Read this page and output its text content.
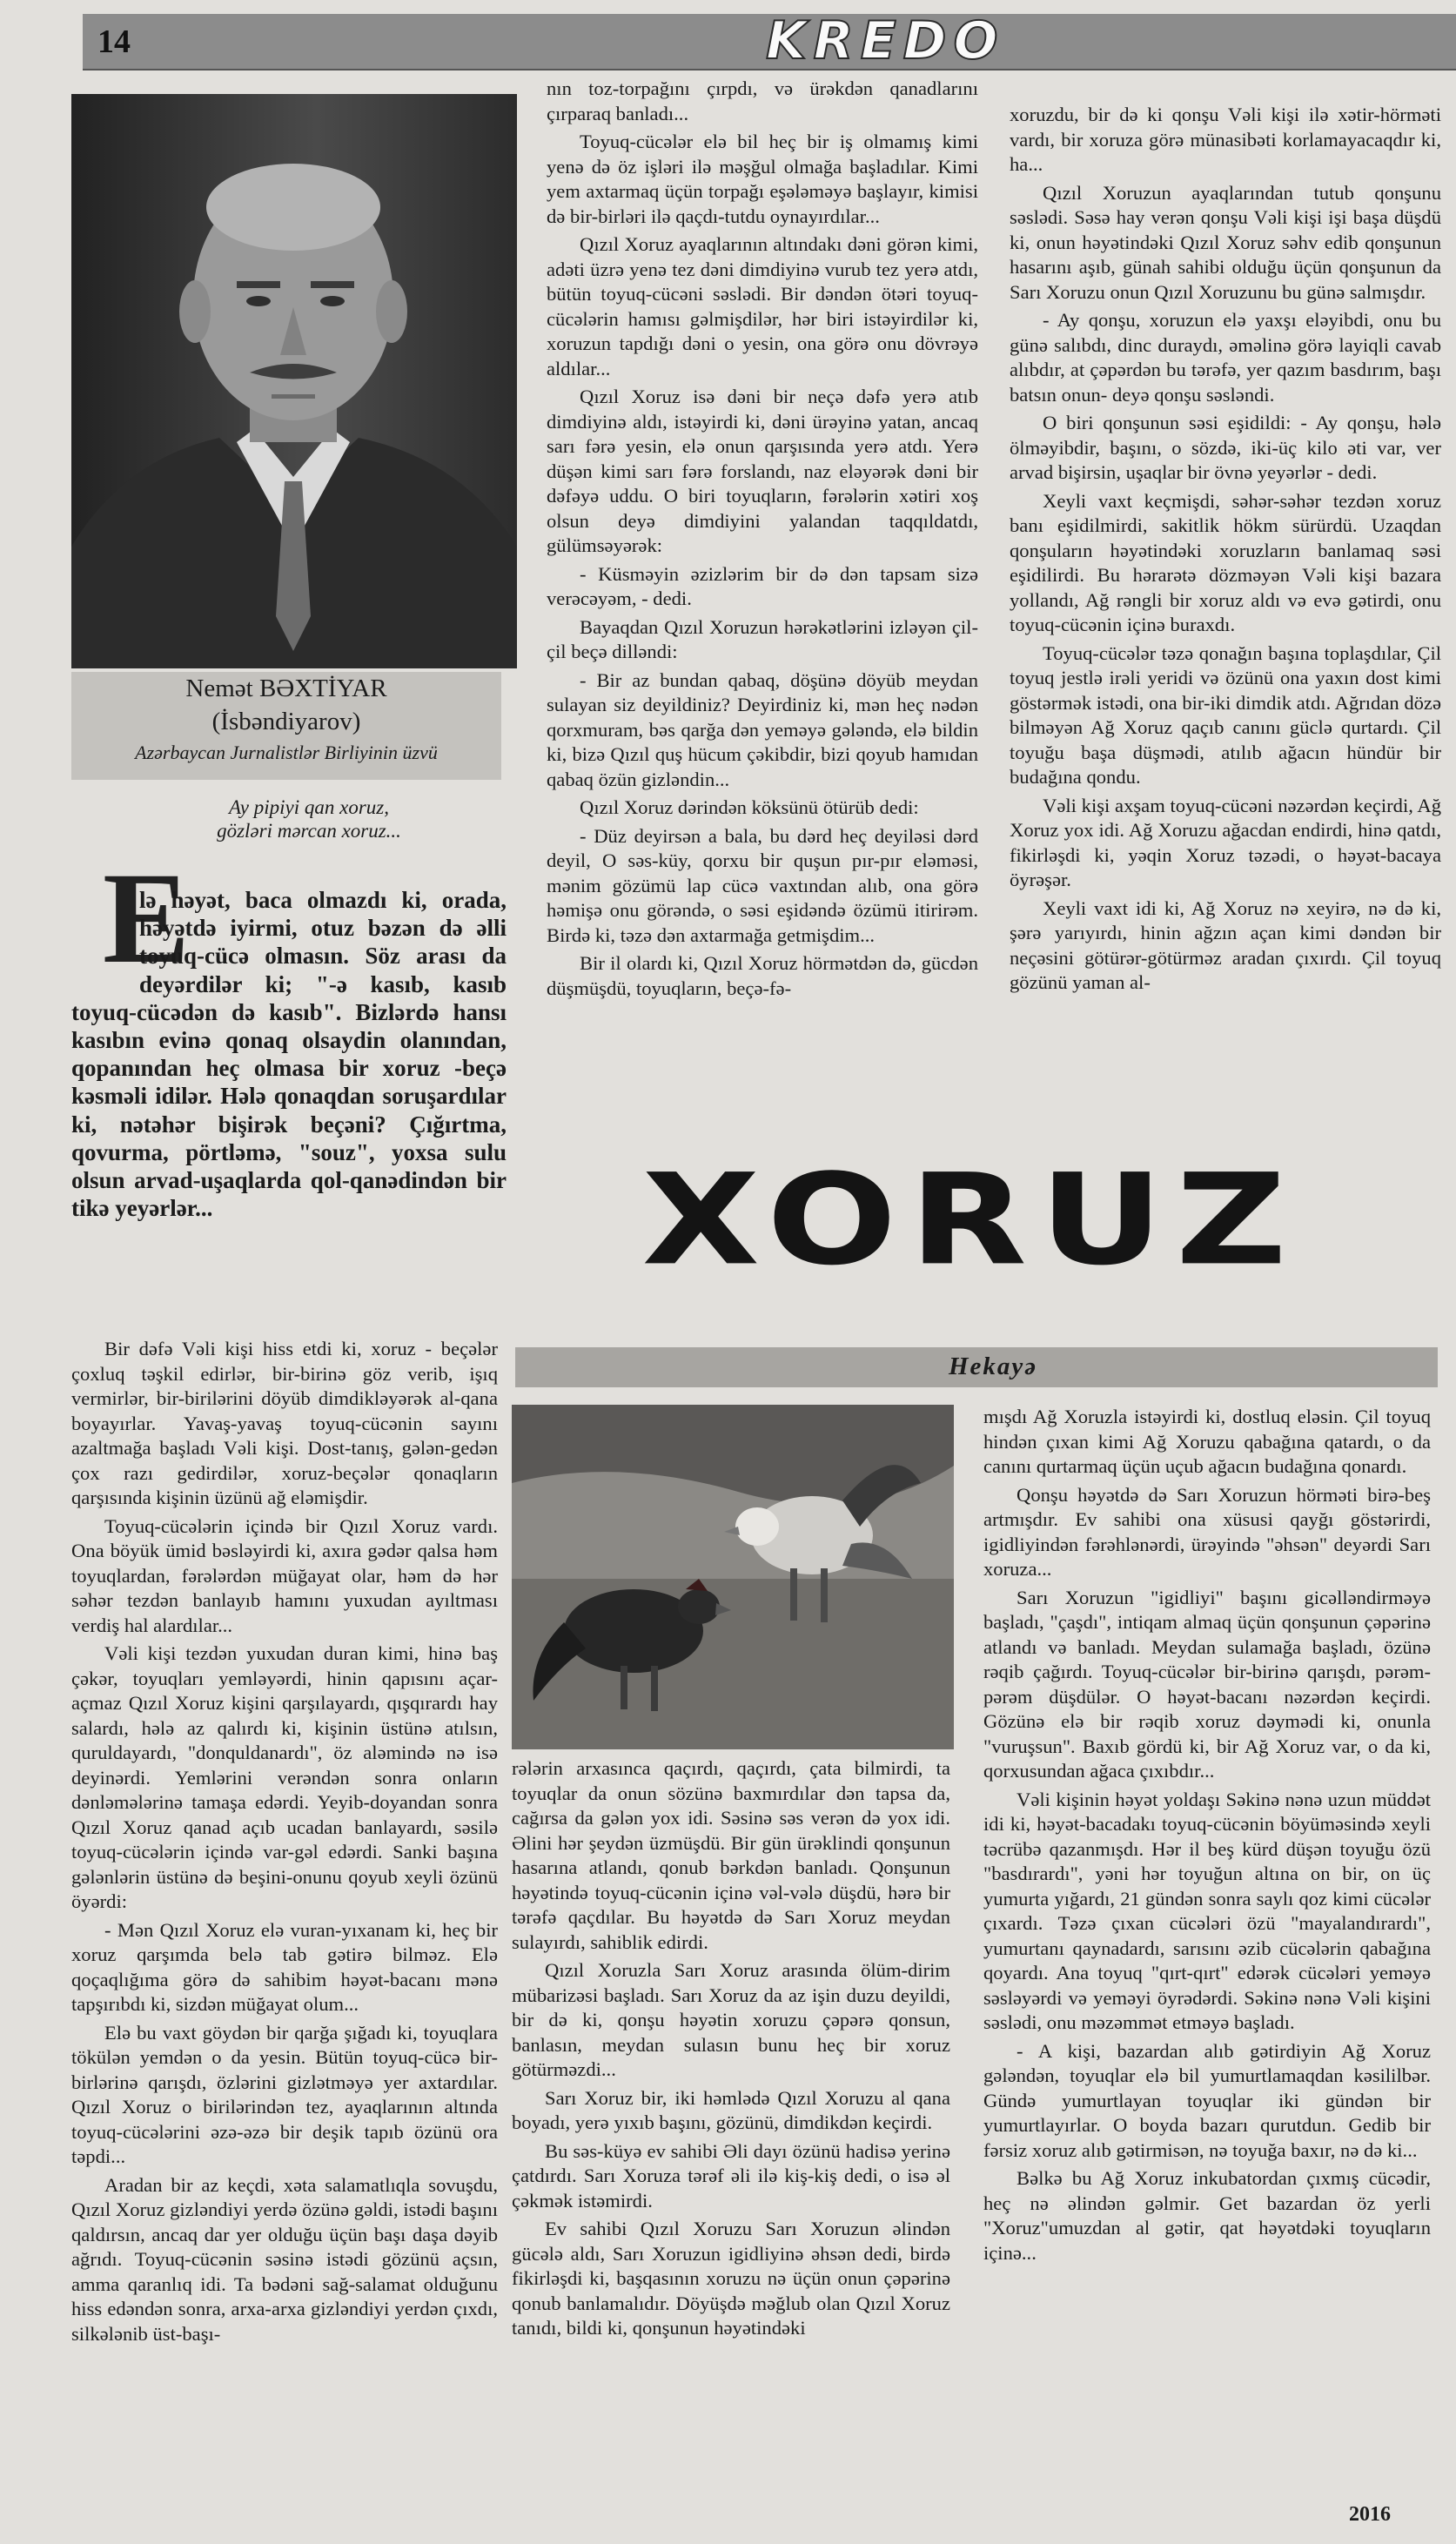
14	KREDO
Nemət BƏXTİYAR
(İsbəndiyarov)
Azərbaycan Jurnalistlər Birliyinin üzvü
Ay pipiyi qan xoruz,
gözləri mərcan xoruz...
E
lə həyət, baca olmazdı ki, orada, həyətdə iyirmi, otuz bəzən də əlli toyuq-cücə olmasın. Söz arası da deyərdilər ki; "-ə kasıb, kasıb toyuq-cücədən də kasıb". Bizlərdə hansı kasıbın evinə qonaq olsaydin olanından, qopanından heç olmasa bir xoruz -beçə kəsməli idilər. Hələ qonaqdan soruşardılar ki, nətəhər bişirək beçəni? Çığırtma, qovurma, pörtləmə, "souz", yoxsa sulu olsun arvad-uşaqlarda qol-qanədindən bir tikə yeyərlər...

Bir dəfə Vəli kişi hiss etdi ki, xoruz - beçələr çoxluq təşkil edirlər, bir-birinə göz verib, işıq vermirlər, bir-birilərini döyüb dimdikləyərək al-qana boyayırlar. Yavaş-yavaş toyuq-cücənin sayını azaltmağa başladı Vəli kişi. Dost-tanış, gələn-gedən çox razı gedirdilər, xoruz-beçələr qonaqların qarşısında kişinin üzünü ağ eləmişdir.

Toyuq-cücələrin içində bir Qızıl Xoruz vardı. Ona böyük ümid bəsləyirdi ki, axıra gədər qalsa həm toyuqlardan, fərələrdən müğayat olar, həm də hər səhər tezdən banlayıb hamını yuxudan ayıltması verdiş hal alardılar...

Vəli kişi tezdən yuxudan duran kimi, hinə baş çəkər, toyuqları yemləyərdi, hinin qapısını açar-açmaz Qızıl Xoruz kişini qarşılayardı, qışqırardı hay salardı, hələ az qalırdı ki, kişinin üstünə atılsın, quruldayardı, "donquldanardı", öz aləmində nə isə deyinərdi. Yemlərini verəndən sonra onların dənləmələrinə tamaşa edərdi. Yeyib-doyandan sonra Qızıl Xoruz qanad açıb ucadan banlayardı, səsilə toyuq-cücələrin içində var-gəl edərdi. Sanki başına gələnlərin üstünə də beşini-onunu qoyub xeyli özünü öyərdi:

- Mən Qızıl Xoruz elə vuran-yıxanam ki, heç bir xoruz qarşımda belə tab gətirə bilməz. Elə qoçaqlığıma görə də sahibim həyət-bacanı mənə tapşırıbdı ki, sizdən müğayat olum...

Elə bu vaxt göydən bir qarğa şığadı ki, toyuqlara tökülən yemdən o da yesin. Bütün toyuq-cücə bir-birlərinə qarışdı, özlərini gizlətməyə yer axtardılar. Qızıl Xoruz o birilərindən tez, ayaqlarının altında toyuq-cücələrini əzə-əzə bir deşik tapıb özünü ora təpdi...

Aradan bir az keçdi, xəta salamatlıqla sovuşdu, Qızıl Xoruz gizləndiyi yerdə özünə gəldi, istədi başını qaldırsın, ancaq dar yer olduğu üçün başı daşa dəyib ağrıdı. Toyuq-cücənin səsinə istədi gözünü açsın, amma qaranlıq idi. Ta bədəni sağ-salamat olduğunu hiss edəndən sonra, arxa-arxa gizləndiyi yerdən çıxdı, silkələnib üst-başı-

nın toz-torpağını çırpdı, və ürəkdən qanadlarını çırparaq banladı...

Toyuq-cücələr elə bil heç bir iş olmamış kimi yenə də öz işləri ilə məşğul olmağa başladılar. Kimi yem axtarmaq üçün torpağı eşələməyə başlayır, kimisi də bir-birləri ilə qaçdı-tutdu oynayırdılar...

Qızıl Xoruz ayaqlarının altındakı dəni görən kimi, adəti üzrə yenə tez dəni dimdiyinə vurub tez yerə atdı, bütün toyuq-cücəni səslədi. Bir dəndən ötəri toyuq-cücələrin hamısı gəlmişdilər, hər biri istəyirdilər ki, xoruzun tapdığı dəni o yesin, ona görə onu dövrəyə aldılar...

Qızıl Xoruz isə dəni bir neçə dəfə yerə atıb dimdiyinə aldı, istəyirdi ki, dəni ürəyinə yatan, ancaq sarı fərə yesin, elə onun qarşısında yerə atdı. Yerə düşən kimi sarı fərə forslandı, naz eləyərək dəni bir dəfəyə uddu. O biri toyuqların, fərələrin xətiri xoş olsun deyə dimdiyini yalandan taqqıldatdı, gülümsəyərək:

- Küsməyin əzizlərim bir də dən tapsam sizə verəcəyəm, - dedi.

Bayaqdan Qızıl Xoruzun hərəkətlərini izləyən çil-çil beçə dilləndi:

- Bir az bundan qabaq, döşünə döyüb meydan sulayan siz deyildiniz? Deyirdiniz ki, mən heç nədən qorxmuram, bəs qarğa dən yeməyə gələndə, elə bildin ki, bizə Qızıl quş hücum çəkibdir, bizi qoyub hamıdan qabaq özün gizləndin...

Qızıl Xoruz dərindən köksünü ötürüb dedi:

- Düz deyirsən a bala, bu dərd heç deyiləsi dərd deyil, O səs-küy, qorxu bir quşun pır-pır eləməsi, mənim gözümü lap cücə vaxtından alıb, ona görə həmişə onu görəndə, o səsi eşidəndə özümü itirirəm. Birdə ki, təzə dən axtarmağa getmişdim...

Bir il olardı ki, Qızıl Xoruz hörmətdən də, gücdən düşmüşdü, toyuqların, beçə-fə-

xoruzdu, bir də ki qonşu Vəli kişi ilə xətir-hörməti vardı, bir xoruza görə münasibəti korlamayacaqdır ki, ha...

Qızıl Xoruzun ayaqlarından tutub qonşunu səslədi. Səsə hay verən qonşu Vəli kişi işi başa düşdü ki, onun həyətindəki Qızıl Xoruz səhv edib qonşunun hasarını aşıb, günah sahibi olduğu üçün qonşunun da Sarı Xoruzu onun Qızıl Xoruzunu bu günə salmışdır.

- Ay qonşu, xoruzun elə yaxşı eləyibdi, onu bu günə salıbdı, dinc duraydı, əməlinə görə layiqli cavab alıbdır, at çəpərdən bu tərəfə, yer qazım basdırım, başı batsın onun- deyə qonşu səsləndi.

O biri qonşunun səsi eşidildi: - Ay qonşu, hələ ölməyibdir, başını, o sözdə, iki-üç kilo əti var, ver arvad bişirsin, uşaqlar bir övnə yeyərlər - dedi.

Xeyli vaxt keçmişdi, səhər-səhər tezdən xoruz banı eşidilmirdi, sakitlik hökm sürürdü. Uzaqdan qonşuların həyətindəki xoruzların banlamaq səsi eşidilirdi. Bu hərarətə dözməyən Vəli kişi bazara yollandı, Ağ rəngli bir xoruz aldı və evə gətirdi, onu toyuq-cücənin içinə buraxdı.

Toyuq-cücələr təzə qonağın başına toplaşdılar, Çil toyuq jestlə irəli yeridi və özünü ona yaxın dost kimi göstərmək istədi, ona bir-iki dimdik atdı. Ağrıdan dözə bilməyən Ağ Xoruz qaçıb canını güclə qurtardı. Çil toyuğu başa düşmədi, atılıb ağacın hündür bir budağına qondu.

Vəli kişi axşam toyuq-cücəni nəzərdən keçirdi, Ağ Xoruz yox idi. Ağ Xoruzu ağacdan endirdi, hinə qatdı, fikirləşdi ki, yəqin Xoruz təzədi, o həyət-bacaya öyrəşər.

Xeyli vaxt idi ki, Ağ Xoruz nə xeyirə, nə də ki, şərə yarıyırdı, hinin ağzın açan kimi dəndən bir neçəsini götürər-götürməz aradan çıxırdı. Çil toyuq gözünü yaman al-

XORUZ
Hekayə

rələrin arxasınca qaçırdı, qaçırdı, çata bilmirdi, ta toyuqlar da onun sözünə baxmırdılar dən tapsa da, cağırsa da gələn yox idi. Səsinə səs verən də yox idi. Əlini hər şeydən üzmüşdü. Bir gün ürəklindi qonşunun hasarına atlandı, qonub bərkdən banladı. Qonşunun həyətində toyuq-cücənin içinə vəl-vələ düşdü, hərə bir tərəfə qaçdılar. Bu həyətdə də Sarı Xoruz meydan sulayırdı, sahiblik edirdi.

Qızıl Xoruzla Sarı Xoruz arasında ölüm-dirim mübarizəsi başladı. Sarı Xoruz da az işin duzu deyildi, bir də ki, qonşu həyətin xoruzu çəpərə qonsun, banlasın, meydan sulasın bunu heç bir xoruz götürməzdi...

Sarı Xoruz bir, iki həmlədə Qızıl Xoruzu al qana boyadı, yerə yıxıb başını, gözünü, dimdikdən keçirdi.

Bu səs-küyə ev sahibi Əli dayı özünü hadisə yerinə çatdırdı. Sarı Xoruza tərəf əli ilə kiş-kiş dedi, o isə əl çəkmək istəmirdi.

Ev sahibi Qızıl Xoruzu Sarı Xoruzun əlindən gücələ aldı, Sarı Xoruzun igidliyinə əhsən dedi, birdə fikirləşdi ki, başqasının xoruzu nə üçün onun çəpərinə qonub banlamalıdır. Döyüşdə məğlub olan Qızıl Xoruz tanıdı, bildi ki, qonşunun həyətindəki

mışdı Ağ Xoruzla istəyirdi ki, dostluq eləsin. Çil toyuq hindən çıxan kimi Ağ Xoruzu qabağına qatardı, o da canını qurtarmaq üçün uçub ağacın budağına qonardı.

Qonşu həyətdə də Sarı Xoruzun hörməti birə-beş artmışdır. Ev sahibi ona xüsusi qayğı göstərirdi, igidliyindən fərəhlənərdi, ürəyində "əhsən" deyərdi Sarı xoruza...

Sarı Xoruzun "igidliyi" başını gicəlləndirməyə başladı, "çaşdı", intiqam almaq üçün qonşunun çəpərinə atlandı və banladı. Meydan sulamağa başladı, özünə rəqib çağırdı. Toyuq-cücələr bir-birinə qarışdı, pərəm-pərəm düşdülər. O həyət-bacanı nəzərdən keçirdi. Gözünə elə bir rəqib xoruz dəymədi ki, onunla "vuruşsun". Baxıb gördü ki, bir Ağ Xoruz var, o da ki, qorxusundan ağaca çıxıbdır...

Vəli kişinin həyət yoldaşı Səkinə nənə uzun müddət idi ki, həyət-bacadakı toyuq-cücənin böyüməsində xeyli təcrübə qazanmışdı. Hər il beş kürd düşən toyuğu özü "basdırardı", yəni hər toyuğun altına on bir, on üç yumurta yığardı, 21 gündən sonra saylı qoz kimi cücələr çıxardı. Təzə çıxan cücələri özü "mayalandırardı", yumurtanı qaynadardı, sarısını əzib cücələrin qabağına qoyardı. Ana toyuq "qırt-qırt" edərək cücələri yeməyə səsləyərdi və yeməyi öyrədərdi. Səkinə nənə Vəli kişini səslədi, onu məzəmmət etməyə başladı.

- A kişi, bazardan alıb gətirdiyin Ağ Xoruz gələndən, toyuqlar elə bil yumurtlamaqdan kəsililbər. Gündə yumurtlayan toyuqlar iki gündən bir yumurtlayırlar. O boyda bazarı qurutdun. Gedib bir fərsiz xoruz alıb gətirmisən, nə toyuğa baxır, nə də ki...

Bəlkə bu Ağ Xoruz inkubatordan çıxmış cücədir, heç nə əlindən gəlmir. Get bazardan öz yerli "Xoruz"umuzdan al gətir, qat həyətdəki toyuqların içinə...

2016
